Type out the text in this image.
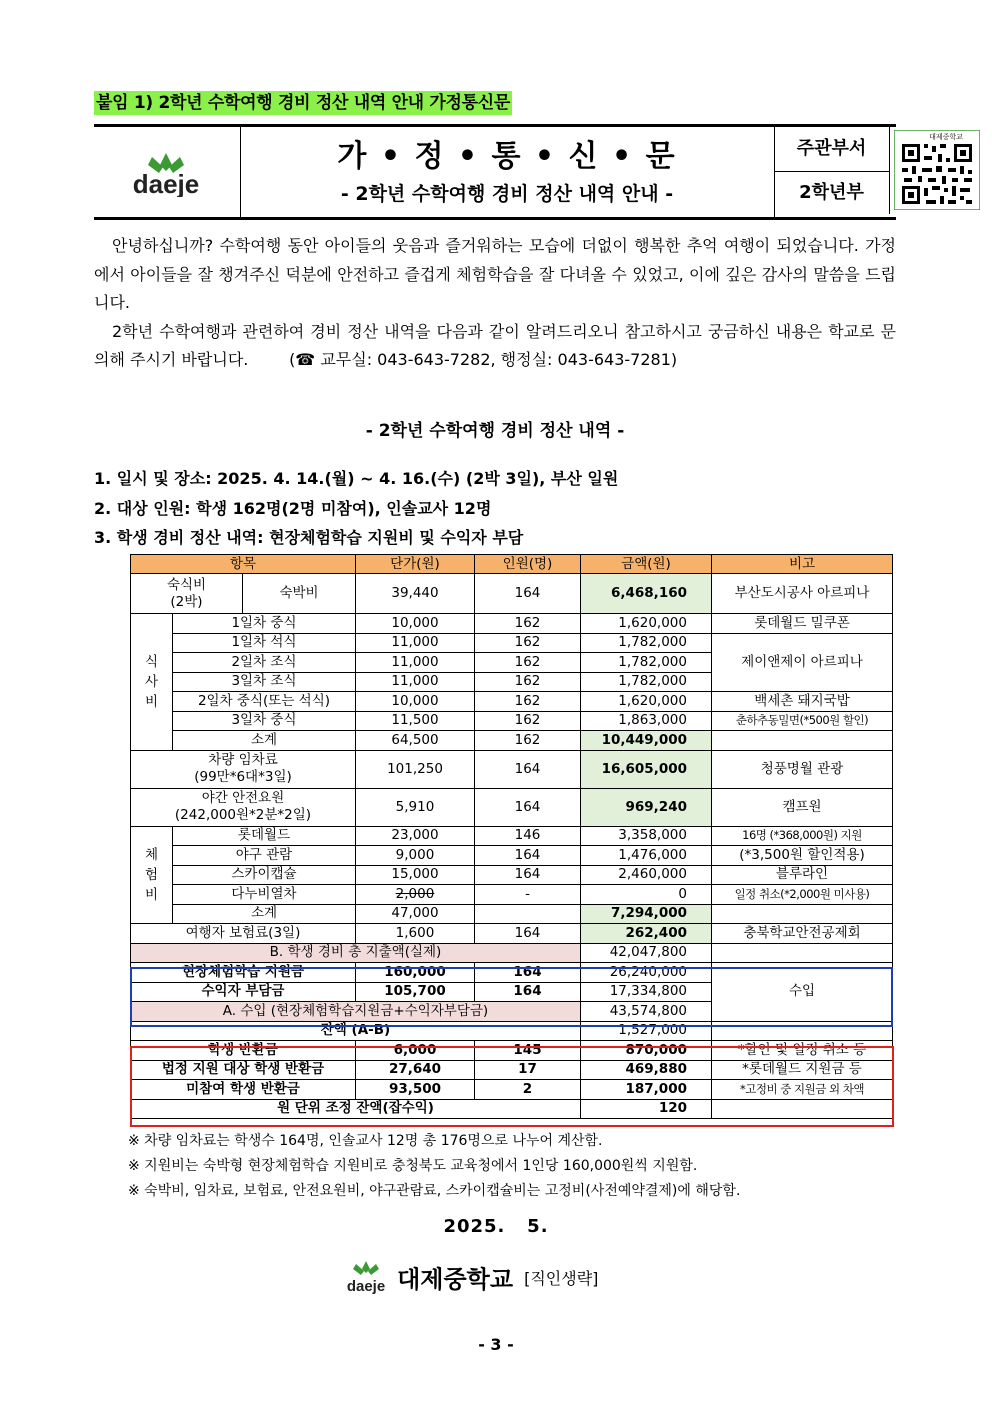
붙임 1) 2학년 수학여행 경비 정산 내역 안내 가정통신문
daeje
가 • 정 • 통 • 신 • 문
- 2학년 수학여행 경비 정산 내역 안내 -
주관부서
2학년부
대제중학교

안녕하십니까? 수학여행 동안 아이들의 웃음과 즐거워하는 모습에 더없이 행복한 추억 여행이 되었습니다. 가정에서 아이들을 잘 챙겨주신 덕분에 안전하고 즐겁게 체험학습을 잘 다녀올 수 있었고, 이에 깊은 감사의 말씀을 드립니다.

2학년 수학여행과 관련하여 경비 정산 내역을 다음과 같이 알려드리오니 참고하시고 궁금하신 내용은 학교로 문의해 주시기 바랍니다.	(☎ 교무실: 043-643-7282, 행정실: 043-643-7281)

- 2학년 수학여행 경비 정산 내역 -
1. 일시 및 장소: 2025. 4. 14.(월) ~ 4. 16.(수) (2박 3일), 부산 일원
2. 대상 인원: 학생 162명(2명 미참여), 인솔교사 12명
3. 학생 경비 정산 내역: 현장체험학습 지원비 및 수익자 부담
항목			단가(원)	인원(명)	금액(원)	비고
숙식비
(2박)		숙박비	39,440	164	6,468,160	부산도시공사 아르피나
식
사
비	1일차 중식		10,000	162	1,620,000	롯데월드 밀쿠폰
	1일차 석식		11,000	162	1,782,000	제이앤제이 아르피나
	2일차 조식		11,000	162	1,782,000	
	3일차 조식		11,000	162	1,782,000	
	2일차 중식(또는 석식)		10,000	162	1,620,000	백세촌 돼지국밥
	3일차 중식		11,500	162	1,863,000	춘하추동밀면(*500원 할인)
	소계		64,500	162	10,449,000	
차량 임차료
(99만*6대*3일)			101,250	164	16,605,000	청풍명월 관광
야간 안전요원
(242,000원*2분*2일)			5,910	164	969,240	캠프원
체
험
비	롯데월드		23,000	146	3,358,000	16명 (*368,000원) 지원
	야구 관람		9,000	164	1,476,000	(*3,500원 할인적용)
	스카이캡슐		15,000	164	2,460,000	블루라인
	다누비열차		2,000	-	0	일정 취소(*2,000원 미사용)
	소계		47,000		7,294,000	
여행자 보험료(3일)			1,600	164	262,400	충북학교안전공제회
B. 학생 경비 총 지출액(실제)					42,047,800	
현장체험학습 지원금			160,000	164	26,240,000	수입
수익자 부담금			105,700	164	17,334,800	
A. 수입 (현장체험학습지원금+수익자부담금)					43,574,800	
잔액 (A-B)					1,527,000	
학생 반환금			6,000	145	870,000	*할인 및 일정 취소 등
법정 지원 대상 학생 반환금			27,640	17	469,880	*롯데월드 지원금 등
미참여 학생 반환금			93,500	2	187,000	*고정비 중 지원금 외 차액
원 단위 조정 잔액(잡수익)					120	
※ 차량 임차료는 학생수 164명, 인솔교사 12명 총 176명으로 나누어 계산함.
※ 지원비는 숙박형 현장체험학습 지원비로 충청북도 교육청에서 1인당 160,000원씩 지원함.
※ 숙박비, 임차료, 보험료, 안전요원비, 야구관람료, 스카이캡슐비는 고정비(사전예약결제)에 해당함.
2025.   5.
daeje 대제중학교 [직인생략]
- 3 -
